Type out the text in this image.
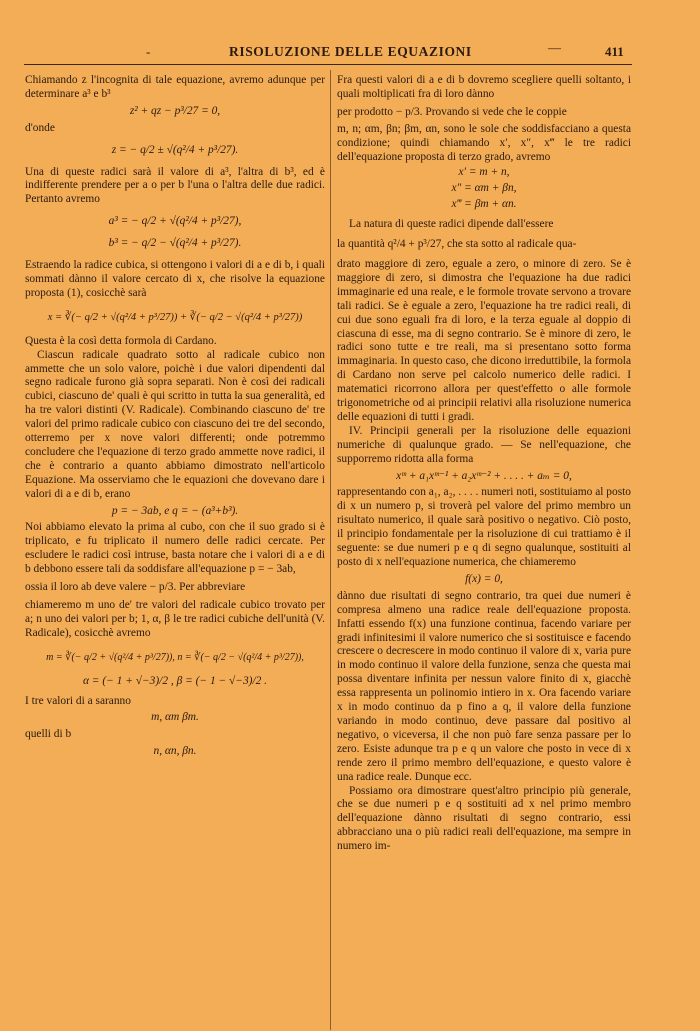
-	RISOLUZIONE DELLE EQUAZIONI	—	411

Chiamando z l'incognita di tale equazione, avremo adunque per determinare a³ e b³

z² + qz − p³/27 = 0,

d'onde

z = − q/2 ± √(q²/4 + p³/27).

Una di queste radici sarà il valore di a³, l'altra di b³, ed è indifferente prendere per a o per b l'una o l'altra delle due radici. Pertanto avremo

a³ = − q/2 + √(q²/4 + p³/27),

b³ = − q/2 − √(q²/4 + p³/27).

Estraendo la radice cubica, si ottengono i valori di a e di b, i quali sommati dànno il valore cercato di x, che risolve la equazione proposta (1), cosicchè sarà

x = ∛(− q/2 + √(q²/4 + p³/27)) + ∛(− q/2 − √(q²/4 + p³/27))

Questa è la così detta formola di Cardano.

Ciascun radicale quadrato sotto al radicale cubico non ammette che un solo valore, poichè i due valori dipendenti dal segno radicale furono già sopra separati. Non è così dei radicali cubici, ciascuno de' quali è qui scritto in tutta la sua generalità, ed ha tre valori distinti (V. Radicale). Combinando ciascuno de' tre valori del primo radicale cubico con ciascuno dei tre del secondo, otterremo per x nove valori differenti; onde potremmo concludere che l'equazione di terzo grado ammette nove radici, il che è contrario a quanto abbiamo dimostrato nell'articolo Equazione. Ma osserviamo che le equazioni che dovevano dare i valori di a e di b, erano

p = − 3ab, e q = − (a³+b³).

Noi abbiamo elevato la prima al cubo, con che il suo grado si è triplicato, e fu triplicato il numero delle radici cercate. Per escludere le radici così intruse, basta notare che i valori di a e di b debbono essere tali da soddisfare all'equazione p = − 3ab,

ossia il loro ab deve valere − p/3. Per abbreviare

chiameremo m uno de' tre valori del radicale cubico trovato per a; n uno dei valori per b; 1, α, β le tre radici cubiche dell'unità (V. Radicale), cosicchè avremo

m = ∛(− q/2 + √(q²/4 + p³/27)), n = ∛(− q/2 − √(q²/4 + p³/27)),

α = (− 1 + √−3)/2 , β = (− 1 − √−3)/2 .

I tre valori di a saranno

m, αm βm.

quelli di b

n, αn, βn.

Fra questi valori di a e di b dovremo scegliere quelli soltanto, i quali moltiplicati fra di loro dànno

per prodotto − p/3. Provando si vede che le coppie

m, n; αm, βn; βm, αn, sono le sole che soddisfacciano a questa condizione; quindi chiamando x′, x″, x‴ le tre radici dell'equazione proposta di terzo grado, avremo

x′ = m + n,

x″ = αm + βn,

x‴ = βm + αn.

La natura di queste radici dipende dall'essere

la quantità q²/4 + p³/27, che sta sotto al radicale qua-

drato maggiore di zero, eguale a zero, o minore di zero. Se è maggiore di zero, si dimostra che l'equazione ha due radici immaginarie ed una reale, e le formole trovate servono a trovare tali radici. Se è eguale a zero, l'equazione ha tre radici reali, di cui due sono eguali fra di loro, e la terza eguale al doppio di ciascuna di esse, ma di segno contrario. Se è minore di zero, le radici sono tutte e tre reali, ma si presentano sotto forma immaginaria. In questo caso, che dicono irreduttibile, la formola di Cardano non serve pel calcolo numerico delle radici. I matematici ricorrono allora per quest'effetto o alle formole trigonometriche od ai principii relativi alla risoluzione numerica delle equazioni di tutti i gradi.

IV. Principii generali per la risoluzione delle equazioni numeriche di qualunque grado. — Se nell'equazione, che supporremo ridotta alla forma

xᵐ + a₁xᵐ⁻¹ + a₂xᵐ⁻² + . . . . + aₘ = 0,

rappresentando con a₁, a₂, . . . . numeri noti, sostituiamo al posto di x un numero p, si troverà pel valore del primo membro un risultato numerico, il quale sarà positivo o negativo. Ciò posto, il principio fondamentale per la risoluzione di cui trattiamo è il seguente: se due numeri p e q di segno qualunque, sostituiti al posto di x nell'equazione numerica, che chiameremo

f(x) = 0,

dànno due risultati di segno contrario, tra quei due numeri è compresa almeno una radice reale dell'equazione proposta. Infatti essendo f(x) una funzione continua, facendo variare per gradi infinitesimi il valore numerico che si sostituisce e facendo crescere o decrescere in modo continuo il valore di x, varia pure in modo continuo il valore della funzione, senza che questa mai possa diventare infinita per nessun valore finito di x, giacchè essa rappresenta un polinomio intiero in x. Ora facendo variare x in modo continuo da p fino a q, il valore della funzione variando in modo continuo, deve passare dal positivo al negativo, o viceversa, il che non può fare senza passare per lo zero. Esiste adunque tra p e q un valore che posto in vece di x rende zero il primo membro dell'equazione, e questo valore è una radice reale. Dunque ecc.

Possiamo ora dimostrare quest'altro principio più generale, che se due numeri p e q sostituiti ad x nel primo membro dell'equazione dànno risultati di segno contrario, essi abbracciano una o più radici reali dell'equazione, ma sempre in numero im-
